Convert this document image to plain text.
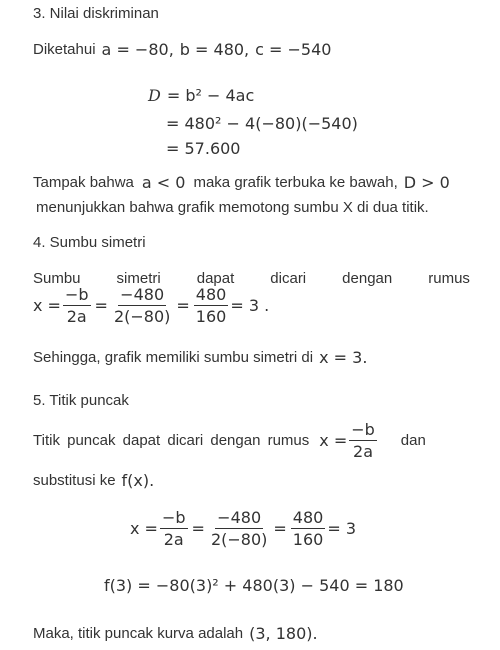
3. Nilai diskriminan
Diketahui a = −80, b = 480, c = −540
D = b² − 4ac
= 480² − 4(−80)(−540)
= 57.600
Tampak bahwa a < 0 maka grafik terbuka ke bawah, D > 0
menunjukkan bahwa grafik memotong sumbu X di dua titik.
4. Sumbu simetri
Sumbu simetri dapat dicari dengan rumus
$x = \frac{-b}{2a} = \frac{-480}{2(-80)} = \frac{480}{160} = 3$ .
Sehingga, grafik memiliki sumbu simetri di x = 3.
5. Titik puncak
Titik puncak dapat dicari dengan rumus $x = \frac{-b}{2a}$ dan
substitusi ke f(x).
$x = \frac{-b}{2a} = \frac{-480}{2(-80)} = \frac{480}{160} = 3$
f(3) = −80(3)² + 480(3) − 540 = 180
Maka, titik puncak kurva adalah (3, 180).
